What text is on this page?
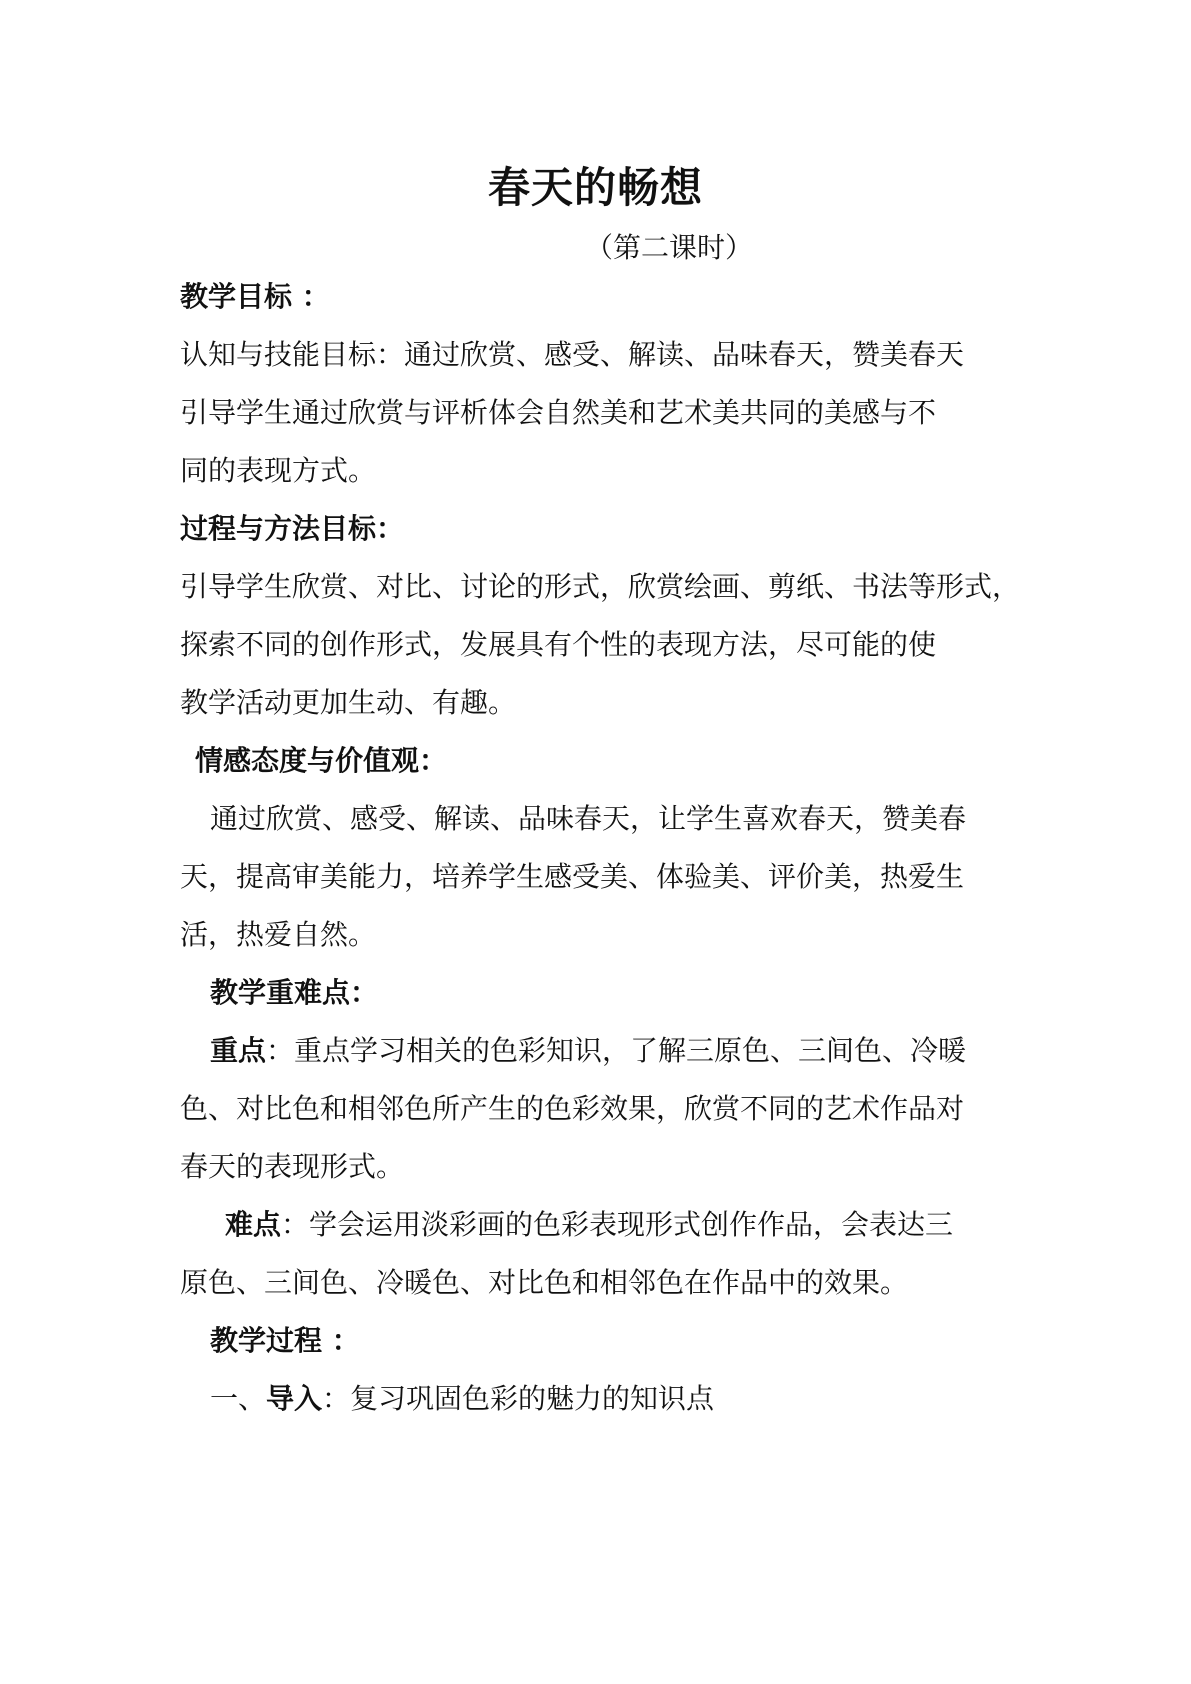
春天的畅想
（第二课时）
教学目标 ：
认知与技能目标：通过欣赏、感受、解读、品味春天，赞美春天
引导学生通过欣赏与评析体会自然美和艺术美共同的美感与不
同的表现方式。
过程与方法目标：
引导学生欣赏、对比、讨论的形式，欣赏绘画、剪纸、书法等形式，
探索不同的创作形式，发展具有个性的表现方法，尽可能的使
教学活动更加生动、有趣。
情感态度与价值观：
通过欣赏、感受、解读、品味春天，让学生喜欢春天，赞美春
天，提高审美能力，培养学生感受美、体验美、评价美，热爱生
活，热爱自然。
教学重难点：
重点：重点学习相关的色彩知识，了解三原色、三间色、冷暖
色、对比色和相邻色所产生的色彩效果，欣赏不同的艺术作品对
春天的表现形式。
难点：学会运用淡彩画的色彩表现形式创作作品，会表达三
原色、三间色、冷暖色、对比色和相邻色在作品中的效果。
教学过程 ：
一、导入：复习巩固色彩的魅力的知识点
